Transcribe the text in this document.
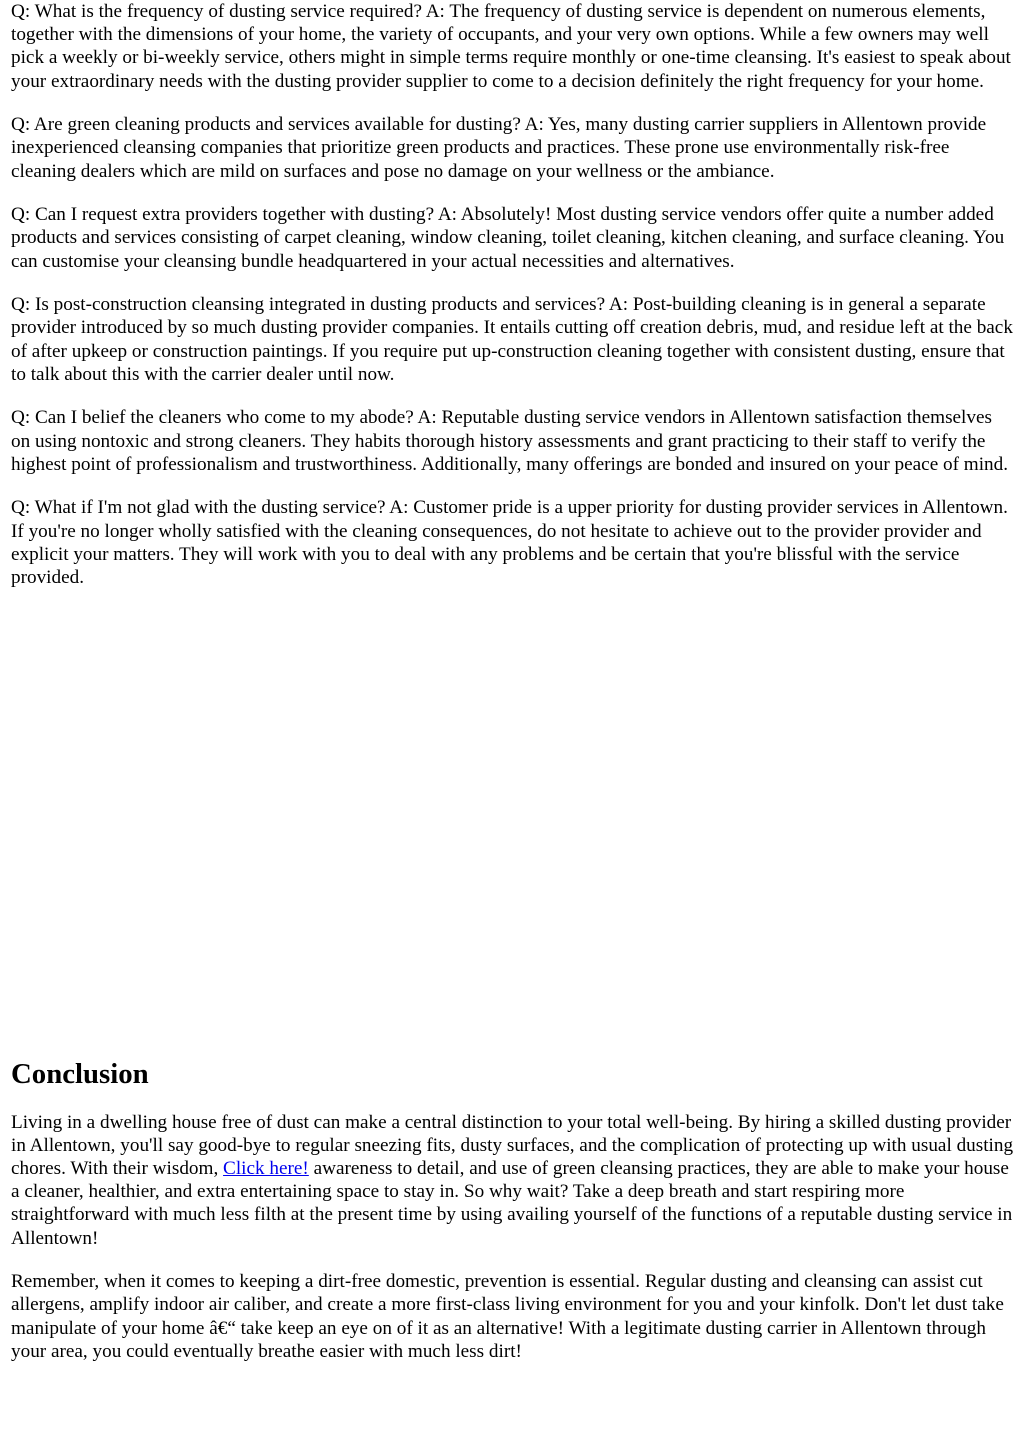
Q: What is the frequency of dusting service required? A: The frequency of dusting service is dependent on numerous elements, together with the dimensions of your home, the variety of occupants, and your very own options. While a few owners may well pick a weekly or bi-weekly service, others might in simple terms require monthly or one-time cleansing. It's easiest to speak about your extraordinary needs with the dusting provider supplier to come to a decision definitely the right frequency for your home.

Q: Are green cleaning products and services available for dusting? A: Yes, many dusting carrier suppliers in Allentown provide inexperienced cleansing companies that prioritize green products and practices. These prone use environmentally risk-free cleaning dealers which are mild on surfaces and pose no damage on your wellness or the ambiance.

Q: Can I request extra providers together with dusting? A: Absolutely! Most dusting service vendors offer quite a number added products and services consisting of carpet cleaning, window cleaning, toilet cleaning, kitchen cleaning, and surface cleaning. You can customise your cleansing bundle headquartered in your actual necessities and alternatives.

Q: Is post-construction cleansing integrated in dusting products and services? A: Post-building cleaning is in general a separate provider introduced by so much dusting provider companies. It entails cutting off creation debris, mud, and residue left at the back of after upkeep or construction paintings. If you require put up-construction cleaning together with consistent dusting, ensure that to talk about this with the carrier dealer until now.

Q: Can I belief the cleaners who come to my abode? A: Reputable dusting service vendors in Allentown satisfaction themselves on using nontoxic and strong cleaners. They habits thorough history assessments and grant practicing to their staff to verify the highest point of professionalism and trustworthiness. Additionally, many offerings are bonded and insured on your peace of mind.

Q: What if I'm not glad with the dusting service? A: Customer pride is a upper priority for dusting provider services in Allentown. If you're no longer wholly satisfied with the cleaning consequences, do not hesitate to achieve out to the provider provider and explicit your matters. They will work with you to deal with any problems and be certain that you're blissful with the service provided.

Conclusion

Living in a dwelling house free of dust can make a central distinction to your total well-being. By hiring a skilled dusting provider in Allentown, you'll say good-bye to regular sneezing fits, dusty surfaces, and the complication of protecting up with usual dusting chores. With their wisdom, Click here! awareness to detail, and use of green cleansing practices, they are able to make your house a cleaner, healthier, and extra entertaining space to stay in. So why wait? Take a deep breath and start respiring more straightforward with much less filth at the present time by using availing yourself of the functions of a reputable dusting service in Allentown!

Remember, when it comes to keeping a dirt-free domestic, prevention is essential. Regular dusting and cleansing can assist cut allergens, amplify indoor air caliber, and create a more first-class living environment for you and your kinfolk. Don't let dust take manipulate of your home â€“ take keep an eye on of it as an alternative! With a legitimate dusting carrier in Allentown through your area, you could eventually breathe easier with much less dirt!
